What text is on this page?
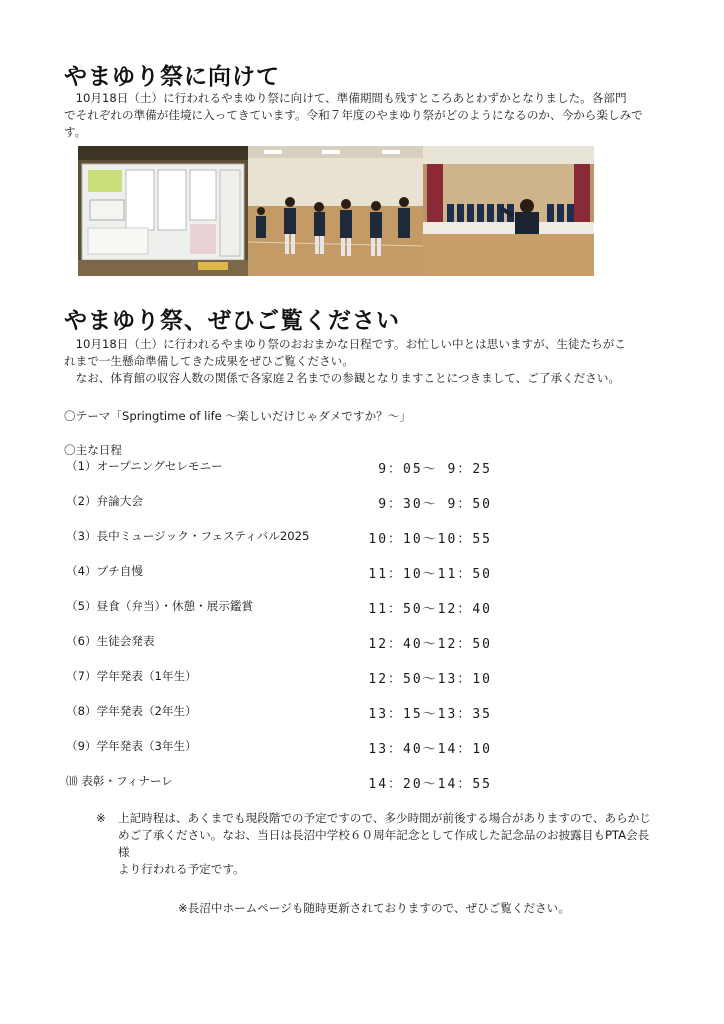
やまゆり祭に向けて

　10月18日（土）に行われるやまゆり祭に向けて、準備期間も残すところあとわずかとなりました。各部門

でそれぞれの準備が佳境に入ってきています。令和７年度のやまゆり祭がどのようになるのか、今から楽しみで

す。

やまゆり祭、ぜひご覧ください

　10月18日（土）に行われるやまゆり祭のおおまかな日程です。お忙しい中とは思いますが、生徒たちがこ

れまで一生懸命準備してきた成果をぜひご覧ください。

　なお、体育館の収容人数の関係で各家庭２名までの参観となりますことにつきまして、ご了承ください。

〇テーマ「Springtime of life ～楽しいだけじゃダメですか？～」
〇主な日程
（1）オープニングセレモニー	9：05～ 9：25
（2）弁論大会	9：30～ 9：50
（3）長中ミュージック・フェスティバル2025	10：10～10：55
（4）プチ自慢	11：10～11：50
（5）昼食（弁当）・休憩・展示鑑賞	11：50～12：40
（6）生徒会発表	12：40～12：50
（7）学年発表（1年生）	12：50～13：10
（8）学年発表（2年生）	13：15～13：35
（9）学年発表（3年生）	13：40～14：10
⑽ 表彰・フィナーレ	14：20～14：55
※ 上記時程は、あくまでも現段階での予定ですので、多少時間が前後する場合がありますので、あらかじ
めご了承ください。なお、当日は長沼中学校６０周年記念として作成した記念品のお披露目もPTA会長様
より行われる予定です。
※長沼中ホームページも随時更新されておりますので、ぜひご覧ください。
